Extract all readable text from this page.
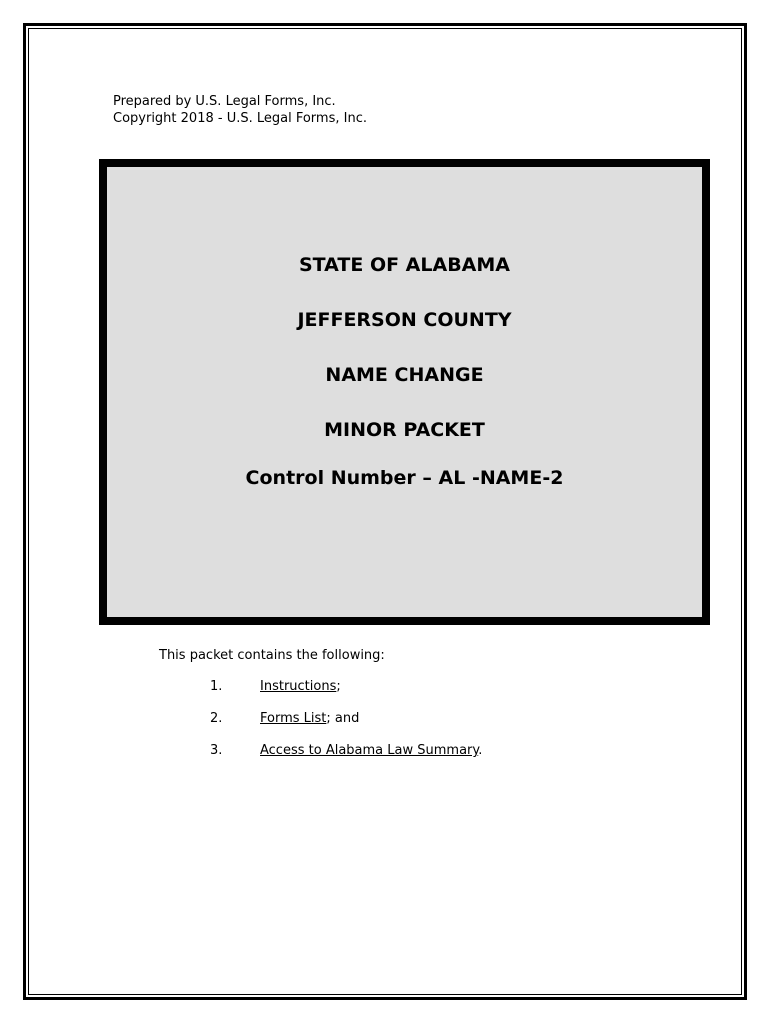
Prepared by U.S. Legal Forms, Inc.
Copyright 2018 - U.S. Legal Forms, Inc.
STATE OF ALABAMA
JEFFERSON COUNTY
NAME CHANGE
MINOR PACKET
Control Number – AL -NAME-2
This packet contains the following:
1.	Instructions;
2.	Forms List; and
3.	Access to Alabama Law Summary.
